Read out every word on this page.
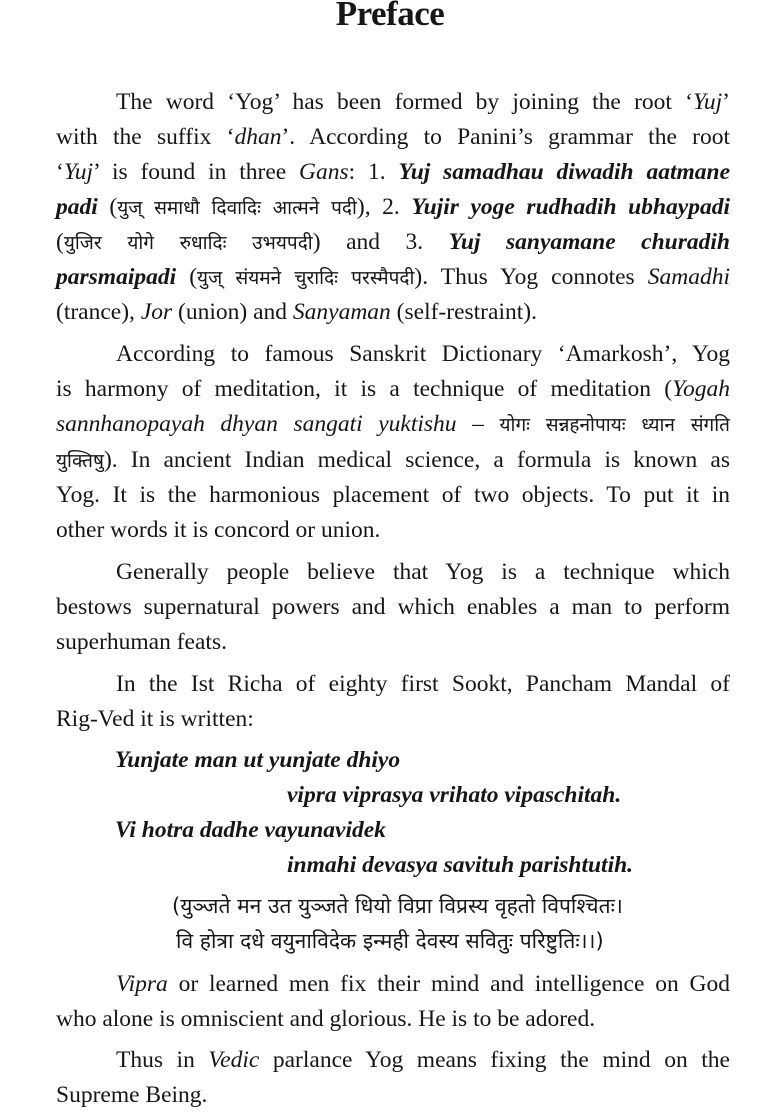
Preface

The word ‘Yog’ has been formed by joining the root ‘Yuj’

with the suffix ‘dhan’. According to Panini’s grammar the root

‘Yuj’ is found in three Gans: 1. Yuj samadhau diwadih aatmane

padi (युज् समाधौ दिवादिः आत्मने पदी), 2. Yujir yoge rudhadih ubhaypadi

(युजिर योगे रुधादिः उभयपदी) and 3. Yuj sanyamane churadih

parsmaipadi (युज् संयमने चुरादिः परस्मैपदी). Thus Yog connotes Samadhi

(trance), Jor (union) and Sanyaman (self-restraint).

According to famous Sanskrit Dictionary ‘Amarkosh’, Yog

is harmony of meditation, it is a technique of meditation (Yogah

sannhanopayah dhyan sangati yuktishu – योगः सन्नहनोपायः ध्यान संगति

युक्तिषु). In ancient Indian medical science, a formula is known as

Yog. It is the harmonious placement of two objects. To put it in

other words it is concord or union.

Generally people believe that Yog is a technique which

bestows supernatural powers and which enables a man to perform

superhuman feats.

In the Ist Richa of eighty first Sookt, Pancham Mandal of

Rig-Ved it is written:

Yunjate man ut yunjate dhiyo

vipra viprasya vrihato vipaschitah.

Vi hotra dadhe vayunavidek

inmahi devasya savituh parishtutih.

(युञ्जते मन उत युञ्जते धियो विप्रा विप्रस्य वृहतो विपश्चितः।

वि होत्रा दधे वयुनाविदेक इन्मही देवस्य सवितुः परिष्टुतिः।।)

Vipra or learned men fix their mind and intelligence on God

who alone is omniscient and glorious. He is to be adored.

Thus in Vedic parlance Yog means fixing the mind on the

Supreme Being.
